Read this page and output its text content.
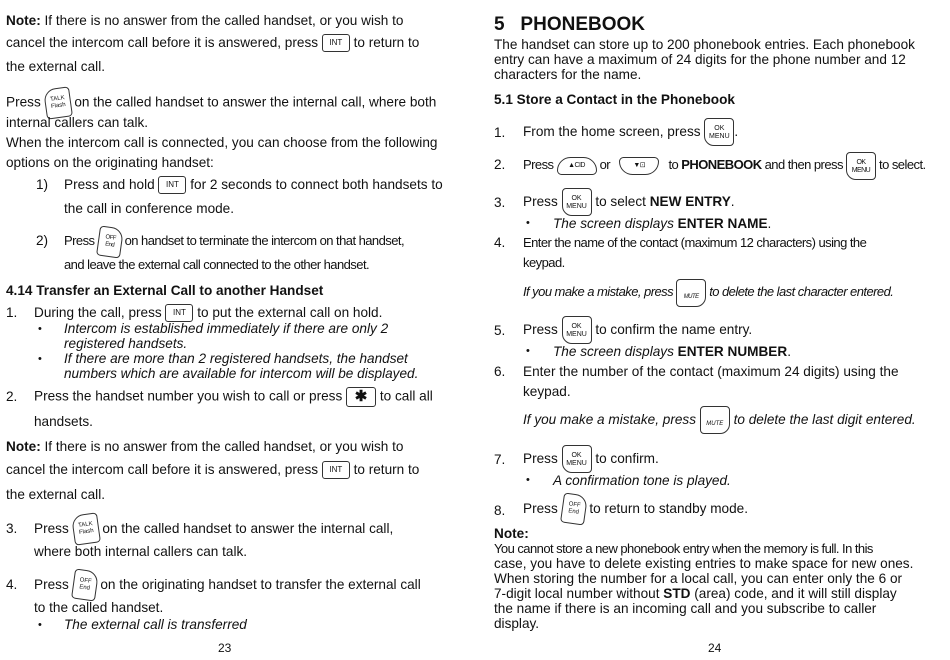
Note: If there is no answer from the called handset, or you wish to
cancel the intercom call before it is answered, press INT to return to
the external call.
Press TALK
Flash on the called handset to answer the internal call, where both
internal callers can talk.
When the intercom call is connected, you can choose from the following
options on the originating handset:
1) Press and hold INT for 2 seconds to connect both handsets to
the call in conference mode.
2) Press OFF
End on handset to terminate the intercom on that handset,
and leave the external call connected to the other handset.
4.14 Transfer an External Call to another Handset
1. During the call, press INT to put the external call on hold.
• Intercom is established immediately if there are only 2
registered handsets.
• If there are more than 2 registered handsets, the handset
numbers which are available for intercom will be displayed.
2. Press the handset number you wish to call or press ✱ to call all
handsets.
Note: If there is no answer from the called handset, or you wish to
cancel the intercom call before it is answered, press INT to return to
the external call.
3. Press TALK
Flash on the called handset to answer the internal call,
where both internal callers can talk.
4. Press OFF
End on the originating handset to transfer the external call
to the called handset.
• The external call is transferred
23
5 PHONEBOOK
The handset can store up to 200 phonebook entries. Each phonebook
entry can have a maximum of 24 digits for the phone number and 12
characters for the name.
5.1 Store a Contact in the Phonebook
1. From the home screen, press OK
MENU .
2. Press ▲CID or	▼⊡ to PHONEBOOK and then press OK
MENU to select.
3. Press OK
MENU to select NEW ENTRY.
• The screen displays ENTER NAME.
4. Enter the name of the contact (maximum 12 characters) using the
keypad.
If you make a mistake, press MUTE to delete the last character entered.
5. Press OK
MENU to confirm the name entry.
• The screen displays ENTER NUMBER.
6. Enter the number of the contact (maximum 24 digits) using the
keypad.
If you make a mistake, press MUTE to delete the last digit entered.
7. Press OK
MENU to confirm.
• A confirmation tone is played.
8. Press OFF
End to return to standby mode.
Note:
You cannot store a new phonebook entry when the memory is full. In this
case, you have to delete existing entries to make space for new ones.
When storing the number for a local call, you can enter only the 6 or
7-digit local number without STD (area) code, and it will still display
the name if there is an incoming call and you subscribe to caller
display.
24
